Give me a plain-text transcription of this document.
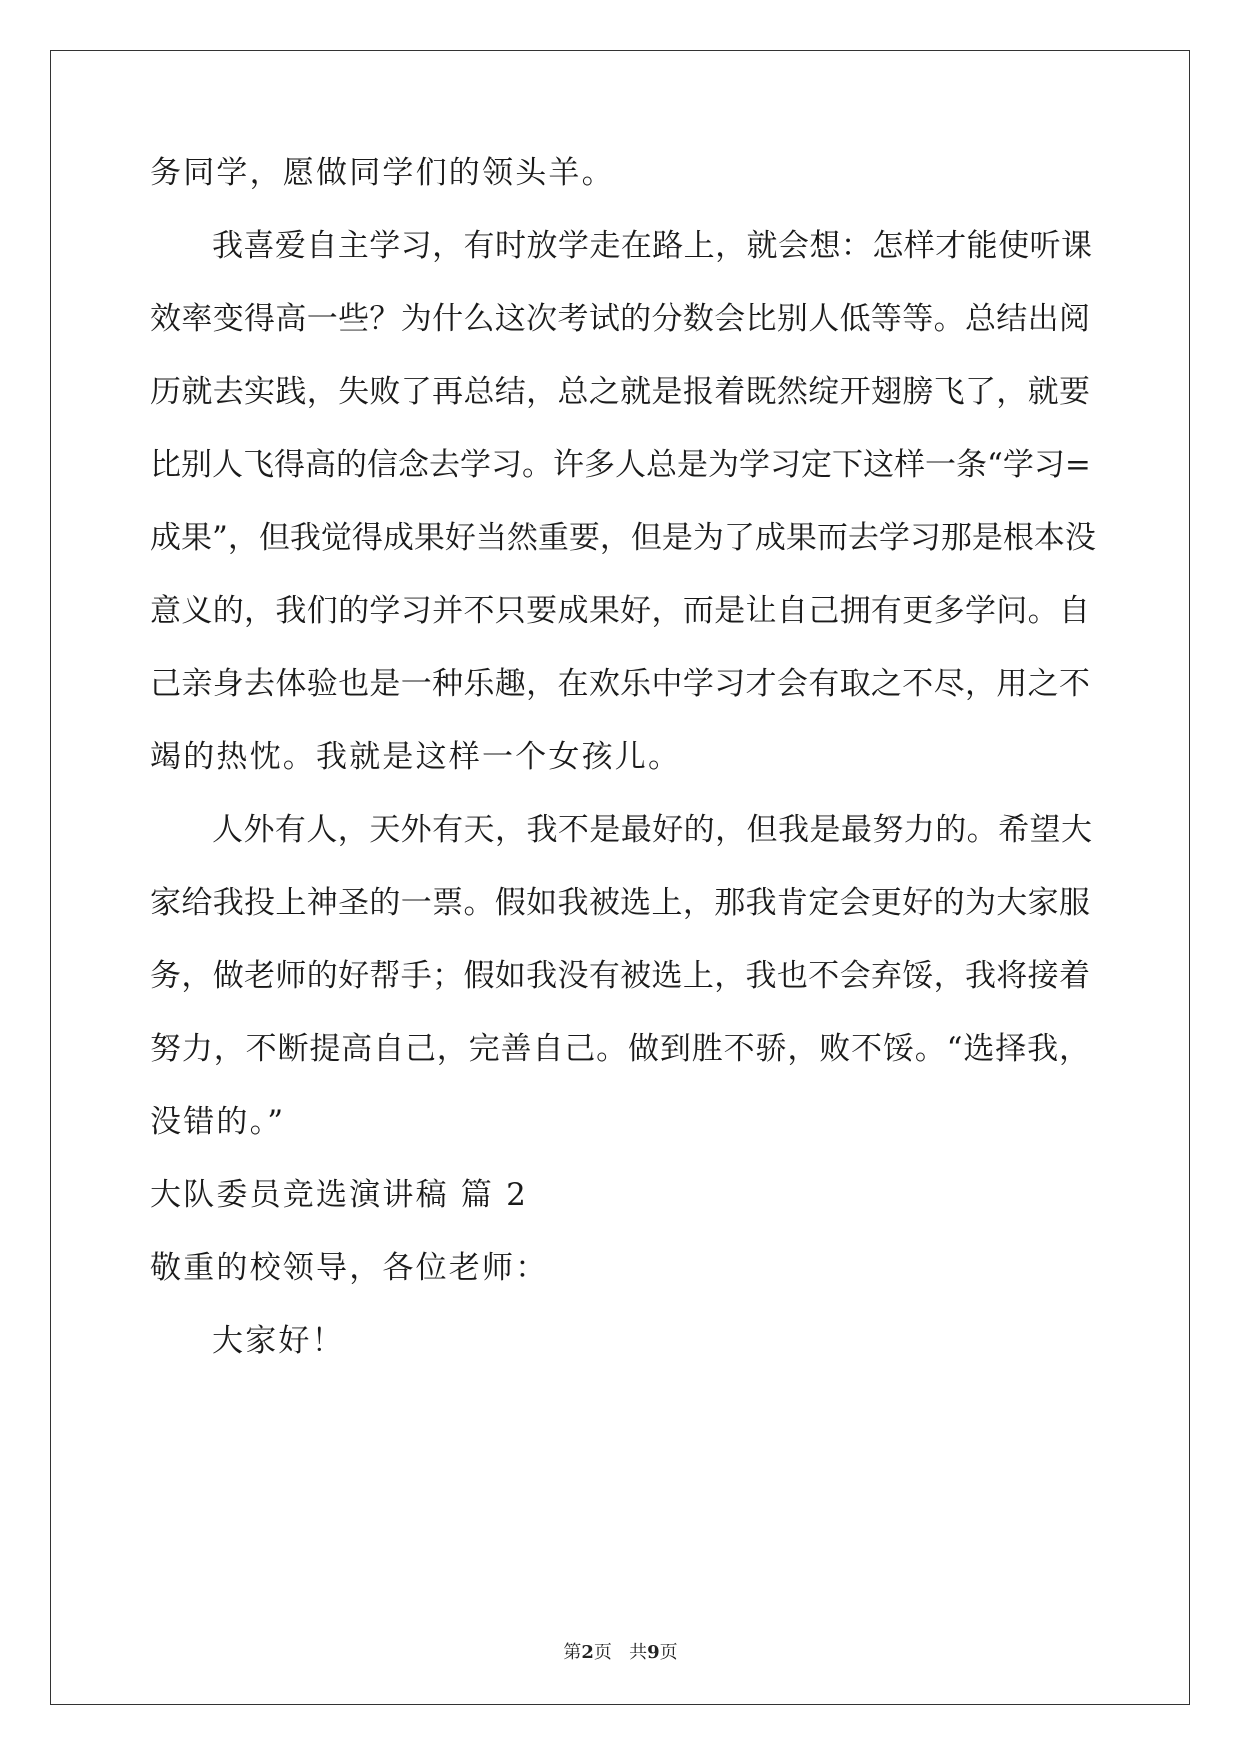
务同学，愿做同学们的领头羊。
我喜爱自主学习，有时放学走在路上，就会想：怎样才能使听课
效率变得高一些？为什么这次考试的分数会比别人低等等。总结出阅
历就去实践，失败了再总结，总之就是报着既然绽开翅膀飞了，就要
比别人飞得高的信念去学习。许多人总是为学习定下这样一条“学习=
成果”，但我觉得成果好当然重要，但是为了成果而去学习那是根本没
意义的，我们的学习并不只要成果好，而是让自己拥有更多学问。自
己亲身去体验也是一种乐趣，在欢乐中学习才会有取之不尽，用之不
竭的热忱。我就是这样一个女孩儿。
人外有人，天外有天，我不是最好的，但我是最努力的。希望大
家给我投上神圣的一票。假如我被选上，那我肯定会更好的为大家服
务，做老师的好帮手；假如我没有被选上，我也不会弃馁，我将接着
努力，不断提高自己，完善自己。做到胜不骄，败不馁。“选择我，
没错的。”
大队委员竞选演讲稿 篇 2
敬重的校领导，各位老师：
大家好！
第2页   共9页
